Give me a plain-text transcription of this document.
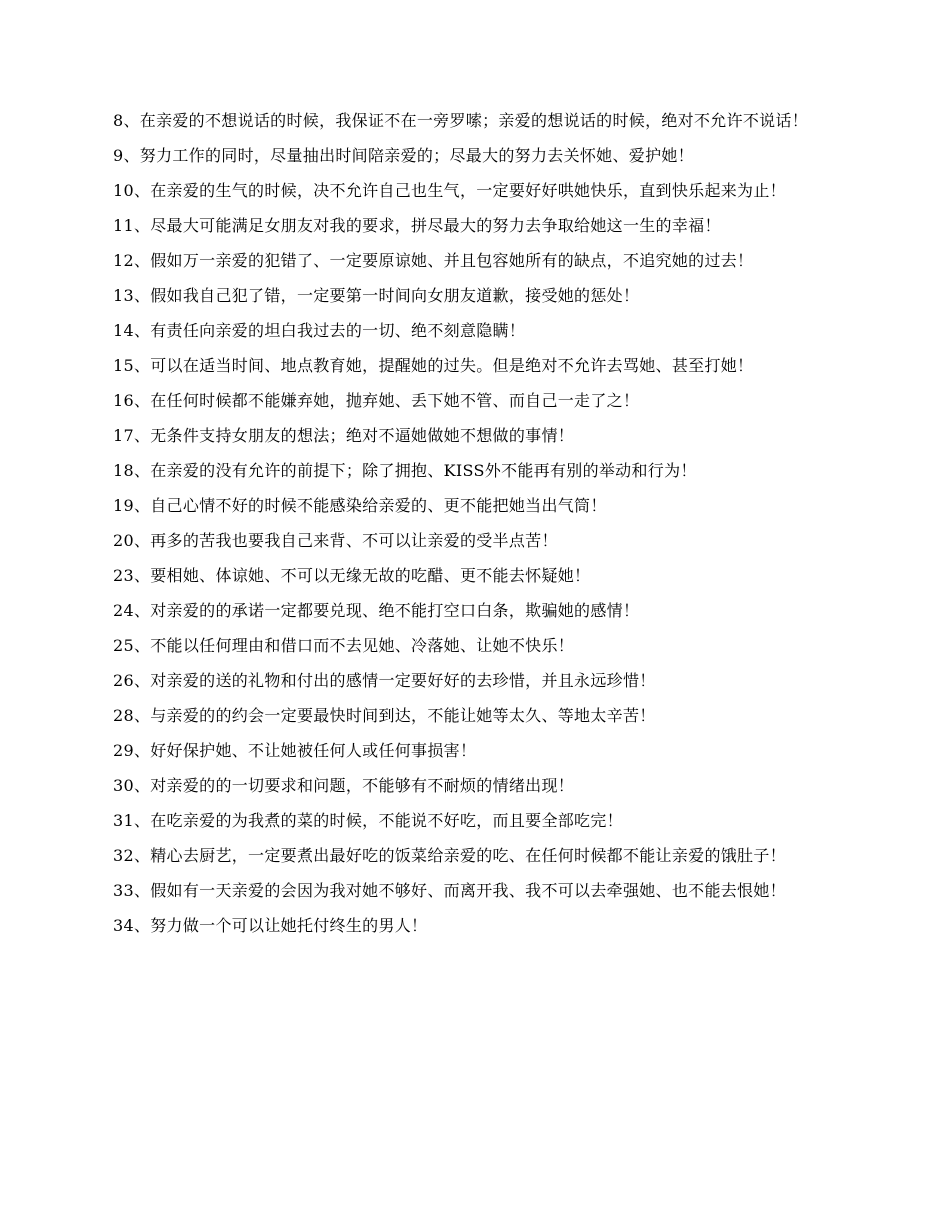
8、在亲爱的不想说话的时候，我保证不在一旁罗嗦；亲爱的想说话的时候，绝对不允许不说话！

9、努力工作的同时，尽量抽出时间陪亲爱的；尽最大的努力去关怀她、爱护她！

10、在亲爱的生气的时候，决不允许自己也生气，一定要好好哄她快乐，直到快乐起来为止！

11、尽最大可能满足女朋友对我的要求，拼尽最大的努力去争取给她这一生的幸福！

12、假如万一亲爱的犯错了、一定要原谅她、并且包容她所有的缺点，不追究她的过去！

13、假如我自己犯了错，一定要第一时间向女朋友道歉，接受她的惩处！

14、有责任向亲爱的坦白我过去的一切、绝不刻意隐瞒！

15、可以在适当时间、地点教育她，提醒她的过失。但是绝对不允许去骂她、甚至打她！

16、在任何时候都不能嫌弃她，抛弃她、丢下她不管、而自己一走了之！

17、无条件支持女朋友的想法；绝对不逼她做她不想做的事情！

18、在亲爱的没有允许的前提下；除了拥抱、KISS外不能再有别的举动和行为！

19、自己心情不好的时候不能感染给亲爱的、更不能把她当出气筒！

20、再多的苦我也要我自己来背、不可以让亲爱的受半点苦！

23、要相她、体谅她、不可以无缘无故的吃醋、更不能去怀疑她！

24、对亲爱的的承诺一定都要兑现、绝不能打空口白条，欺骗她的感情！

25、不能以任何理由和借口而不去见她、冷落她、让她不快乐！

26、对亲爱的送的礼物和付出的感情一定要好好的去珍惜，并且永远珍惜！

28、与亲爱的的约会一定要最快时间到达，不能让她等太久、等地太辛苦！

29、好好保护她、不让她被任何人或任何事损害！

30、对亲爱的的一切要求和问题，不能够有不耐烦的情绪出现！

31、在吃亲爱的为我煮的菜的时候，不能说不好吃，而且要全部吃完！

32、精心去厨艺，一定要煮出最好吃的饭菜给亲爱的吃、在任何时候都不能让亲爱的饿肚子！

33、假如有一天亲爱的会因为我对她不够好、而离开我、我不可以去牵强她、也不能去恨她！

34、努力做一个可以让她托付终生的男人！
